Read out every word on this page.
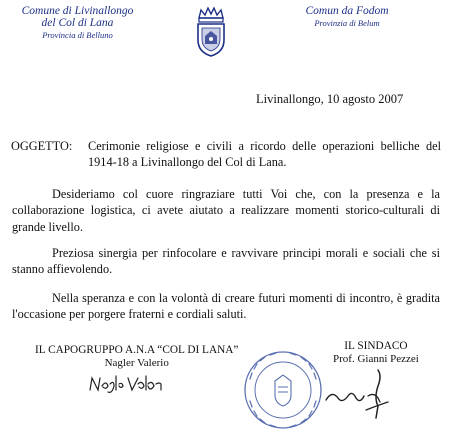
Comune di Livinallongo
del Col di Lana
Provincia di Belluno
Comun da Fodom
Provinzia di Belum
Livinallongo, 10 agosto 2007
OGGETTO: Cerimonie religiose e civili a ricordo delle operazioni belliche del 1914-18 a Livinallongo del Col di Lana.

Desideriamo col cuore ringraziare tutti Voi che, con la presenza e la collaborazione logistica, ci avete aiutato a realizzare momenti storico-culturali di grande livello.

Preziosa sinergia per rinfocolare e ravvivare principi morali e sociali che si stanno affievolendo.

Nella speranza e con la volontà di creare futuri momenti di incontro, è gradita l'occasione per porgere fraterni e cordiali saluti.

IL CAPOGRUPPO A.N.A “COL DI LANA”
Nagler Valerio
IL SINDACO
Prof. Gianni Pezzei
